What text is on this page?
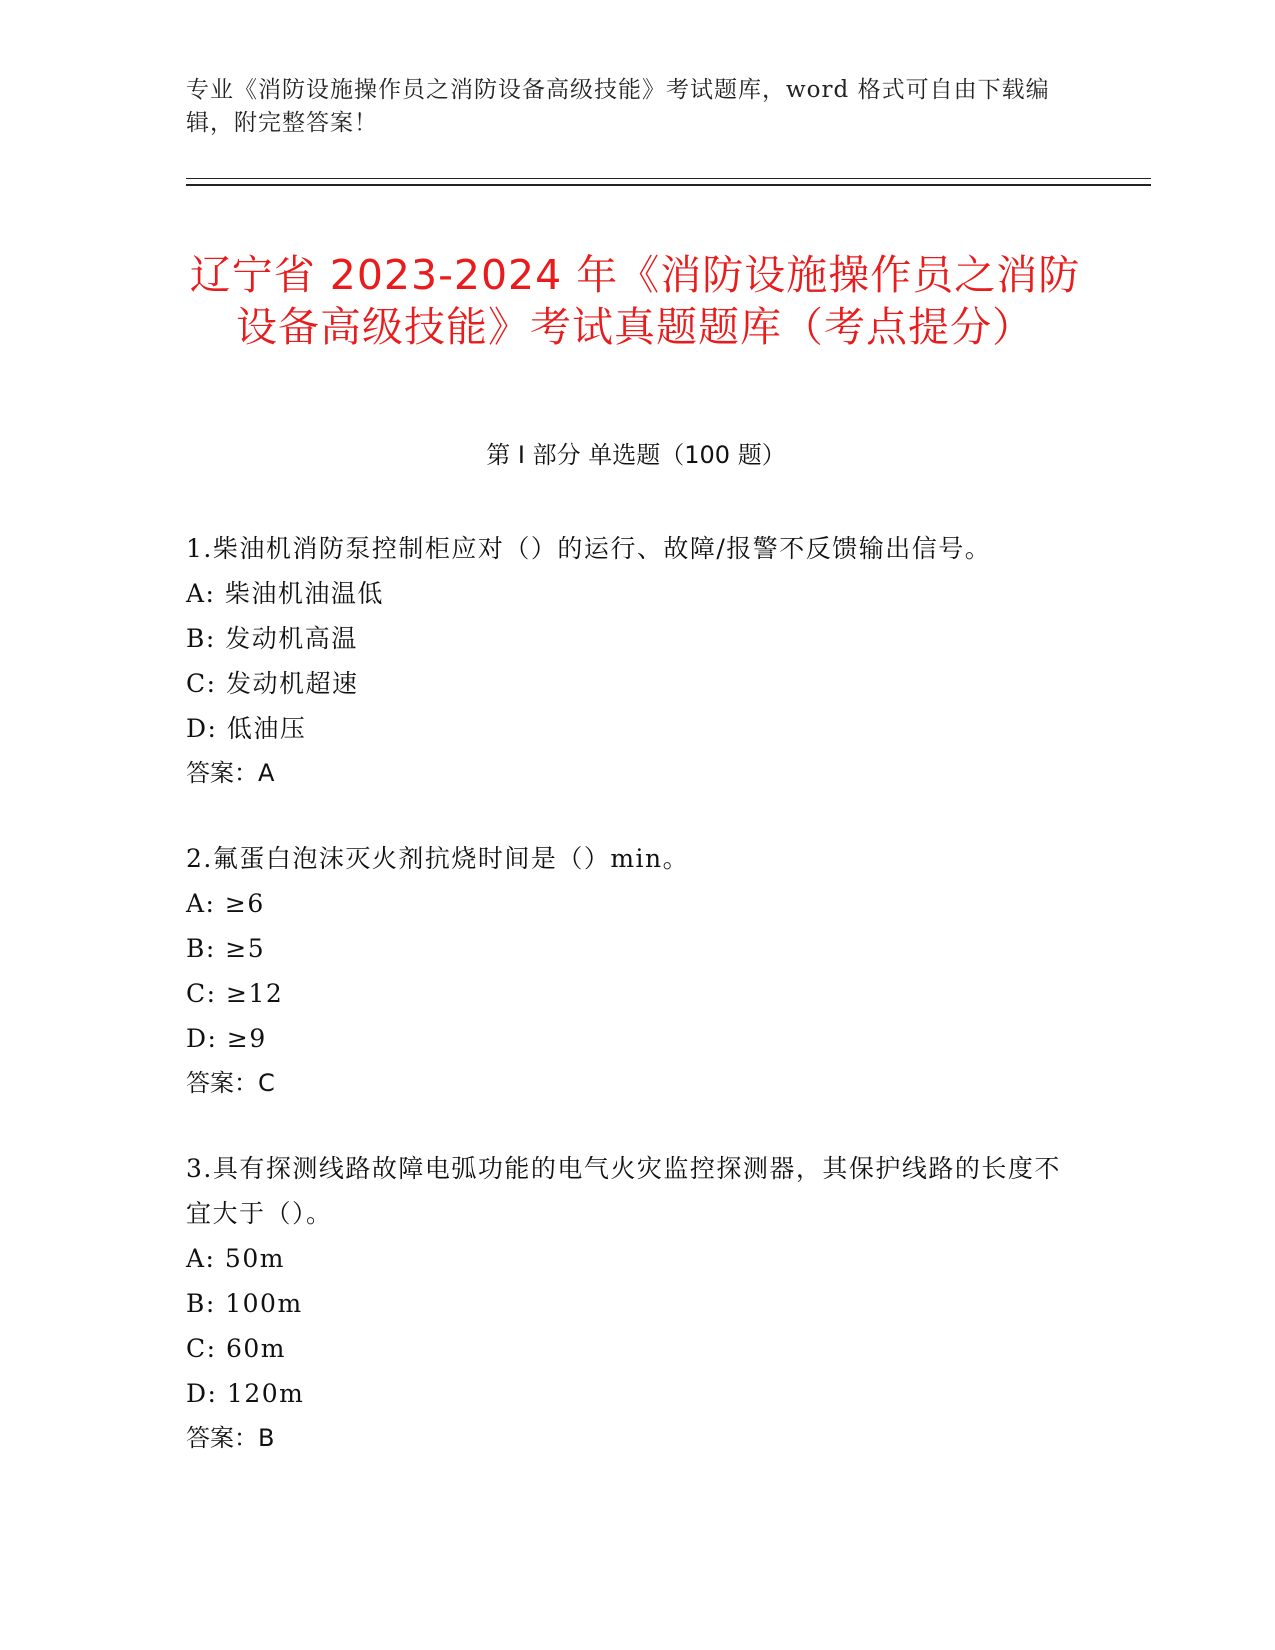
专业《消防设施操作员之消防设备高级技能》考试题库，word 格式可自由下载编辑，附完整答案！
辽宁省 2023-2024 年《消防设施操作员之消防设备高级技能》考试真题题库（考点提分）
第 I 部分 单选题（100 题）

1.柴油机消防泵控制柜应对（）的运行、故障/报警不反馈输出信号。

A: 柴油机油温低

B: 发动机高温

C: 发动机超速

D: 低油压

答案：A

2.氟蛋白泡沫灭火剂抗烧时间是（）min。

A: ≥6

B: ≥5

C: ≥12

D: ≥9

答案：C

3.具有探测线路故障电弧功能的电气火灾监控探测器，其保护线路的长度不宜大于（）。

A: 50m

B: 100m

C: 60m

D: 120m

答案：B
